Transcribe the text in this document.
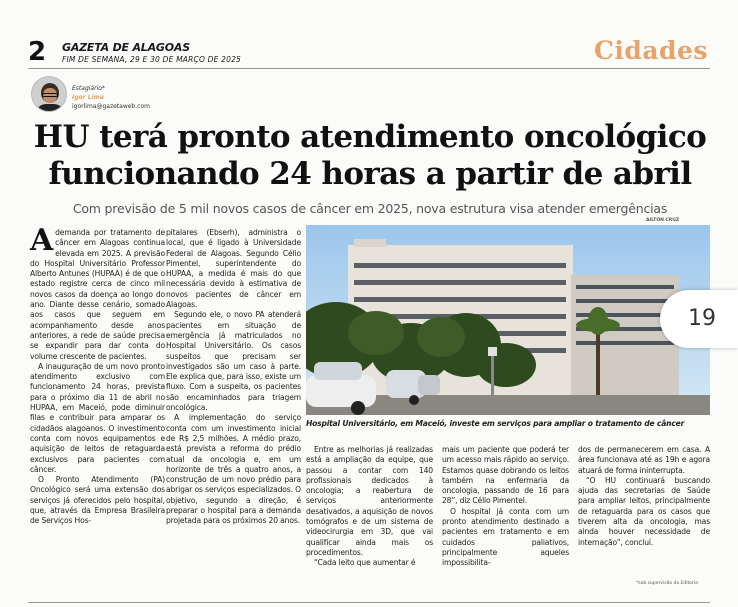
2 GAZETA DE ALAGOAS
FIM DE SEMANA, 29 E 30 DE MARÇO DE 2025	Cidades
Estagiário*
Igor Lima
igorlima@gazetaweb.com
HU terá pronto atendimento oncológico funcionando 24 horas a partir de abril
Com previsão de 5 mil novos casos de câncer em 2025, nova estrutura visa atender emergências
AILTON CRUZ

Ademanda por tratamento de câncer em Alagoas continua elevada em 2025. A previsão do Hospital Universitário Professor Alberto Antunes (HUPAA) é de que o estado registre cerca de cinco mil novos casos da doença ao longo do ano. Diante desse cenário, somado aos casos que seguem em acompanhamento desde anos anteriores, a rede de saúde precisa se expandir para dar conta do volume crescente de pacientes.

A inauguração de um novo pronto atendimento exclusivo com funcionamento 24 horas, prevista para o próximo dia 11 de abril no HUPAA, em Maceió, pode diminuir filas e contribuir para amparar os cidadãos alagoanos. O investimento conta com novos equipamentos e aquisição de leitos de retaguarda exclusivos para pacientes com câncer.

O Pronto Atendimento (PA) Oncológico será uma extensão dos serviços já oferecidos pelo hospital, que, através da Empresa Brasileira de Serviços Hos-

pitalares (Ebserh), administra o local, que é ligado à Universidade Federal de Alagoas. Segundo Célio Pimentel, superintendente do HUPAA, a medida é mais do que necessária devido à estimativa de novos pacientes de câncer em Alagoas.

Segundo ele, o novo PA atenderá pacientes em situação de emergência já matriculados no Hospital Universitário. Os casos suspeitos que precisam ser investigados são um caso à parte. Ele explica que, para isso, existe um fluxo. Com a suspeita, os pacientes são encaminhados para triagem oncológica.

A implementação do serviço conta com um investimento inicial de R$ 2,5 milhões. A médio prazo, está prevista a reforma do prédio atual da oncologia e, em um horizonte de três a quatro anos, a construção de um novo prédio para abrigar os serviços especializados. O objetivo, segundo a direção, é preparar o hospital para a demanda projetada para os próximos 20 anos.

Hospital Universitário, em Maceió, investe em serviços para ampliar o tratamento de câncer
19

Entre as melhorias já realizadas está a ampliação da equipe, que passou a contar com 140 profissionais dedicados à oncologia; a reabertura de serviços anteriormente desativados, a aquisição de novos tomógrafos e de um sistema de videocirurgia em 3D, que vai qualificar ainda mais os procedimentos.

“Cada leito que aumentar é

mais um paciente que poderá ter um acesso mais rápido ao serviço. Estamos quase dobrando os leitos também na enfermaria da oncologia, passando de 16 para 28”, diz Célio Pimentel.

O hospital já conta com um pronto atendimento destinado a pacientes em tratamento e em cuidados paliativos, principalmente aqueles impossibilita-

dos de permanecerem em casa. A área funcionava até as 19h e agora atuará de forma ininterrupta.

“O HU continuará buscando ajuda das secretarias de Saúde para ampliar leitos, principalmente de retaguarda para os casos que tiverem alta da oncologia, mas ainda houver necessidade de internação”, concluí.

*sob supervisão da Editoria
